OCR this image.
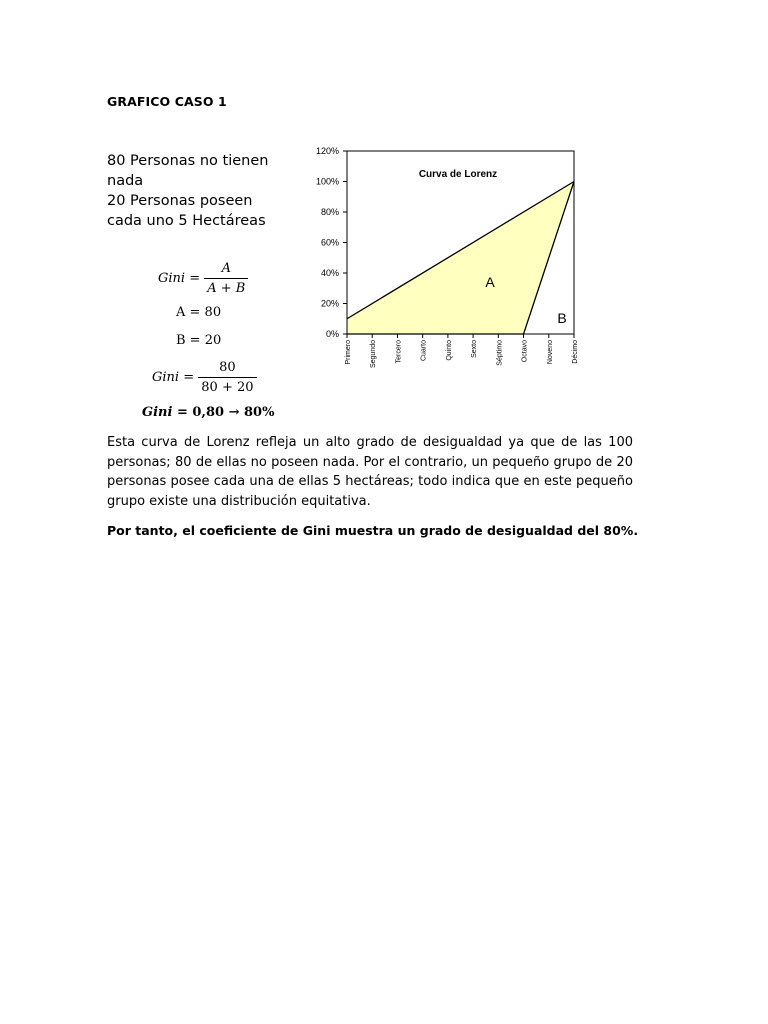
GRAFICO CASO 1
80 Personas no tienen
nada
20 Personas poseen
cada uno 5 Hectáreas
Gini = $\frac{A}{A + B}$
A = 80
B = 20
Gini = $\frac{80}{80 + 20}$
Gini = 0,80 → 80%
0%
20%
40%
60%
80%
100%
120%
Primero	Segundo	Tercero	Cuarto	Quinto	Sexto	Séptimo	Octavo	Noveno	Décimo
Curva de Lorenz
A
B
Esta curva de Lorenz refleja un alto grado de desigualdad ya que de las 100 personas; 80 de ellas no poseen nada. Por el contrario, un pequeño grupo de 20 personas posee cada una de ellas 5 hectáreas; todo indica que en este pequeño grupo existe una distribución equitativa.
Por tanto, el coeficiente de Gini muestra un grado de desigualdad del 80%.
